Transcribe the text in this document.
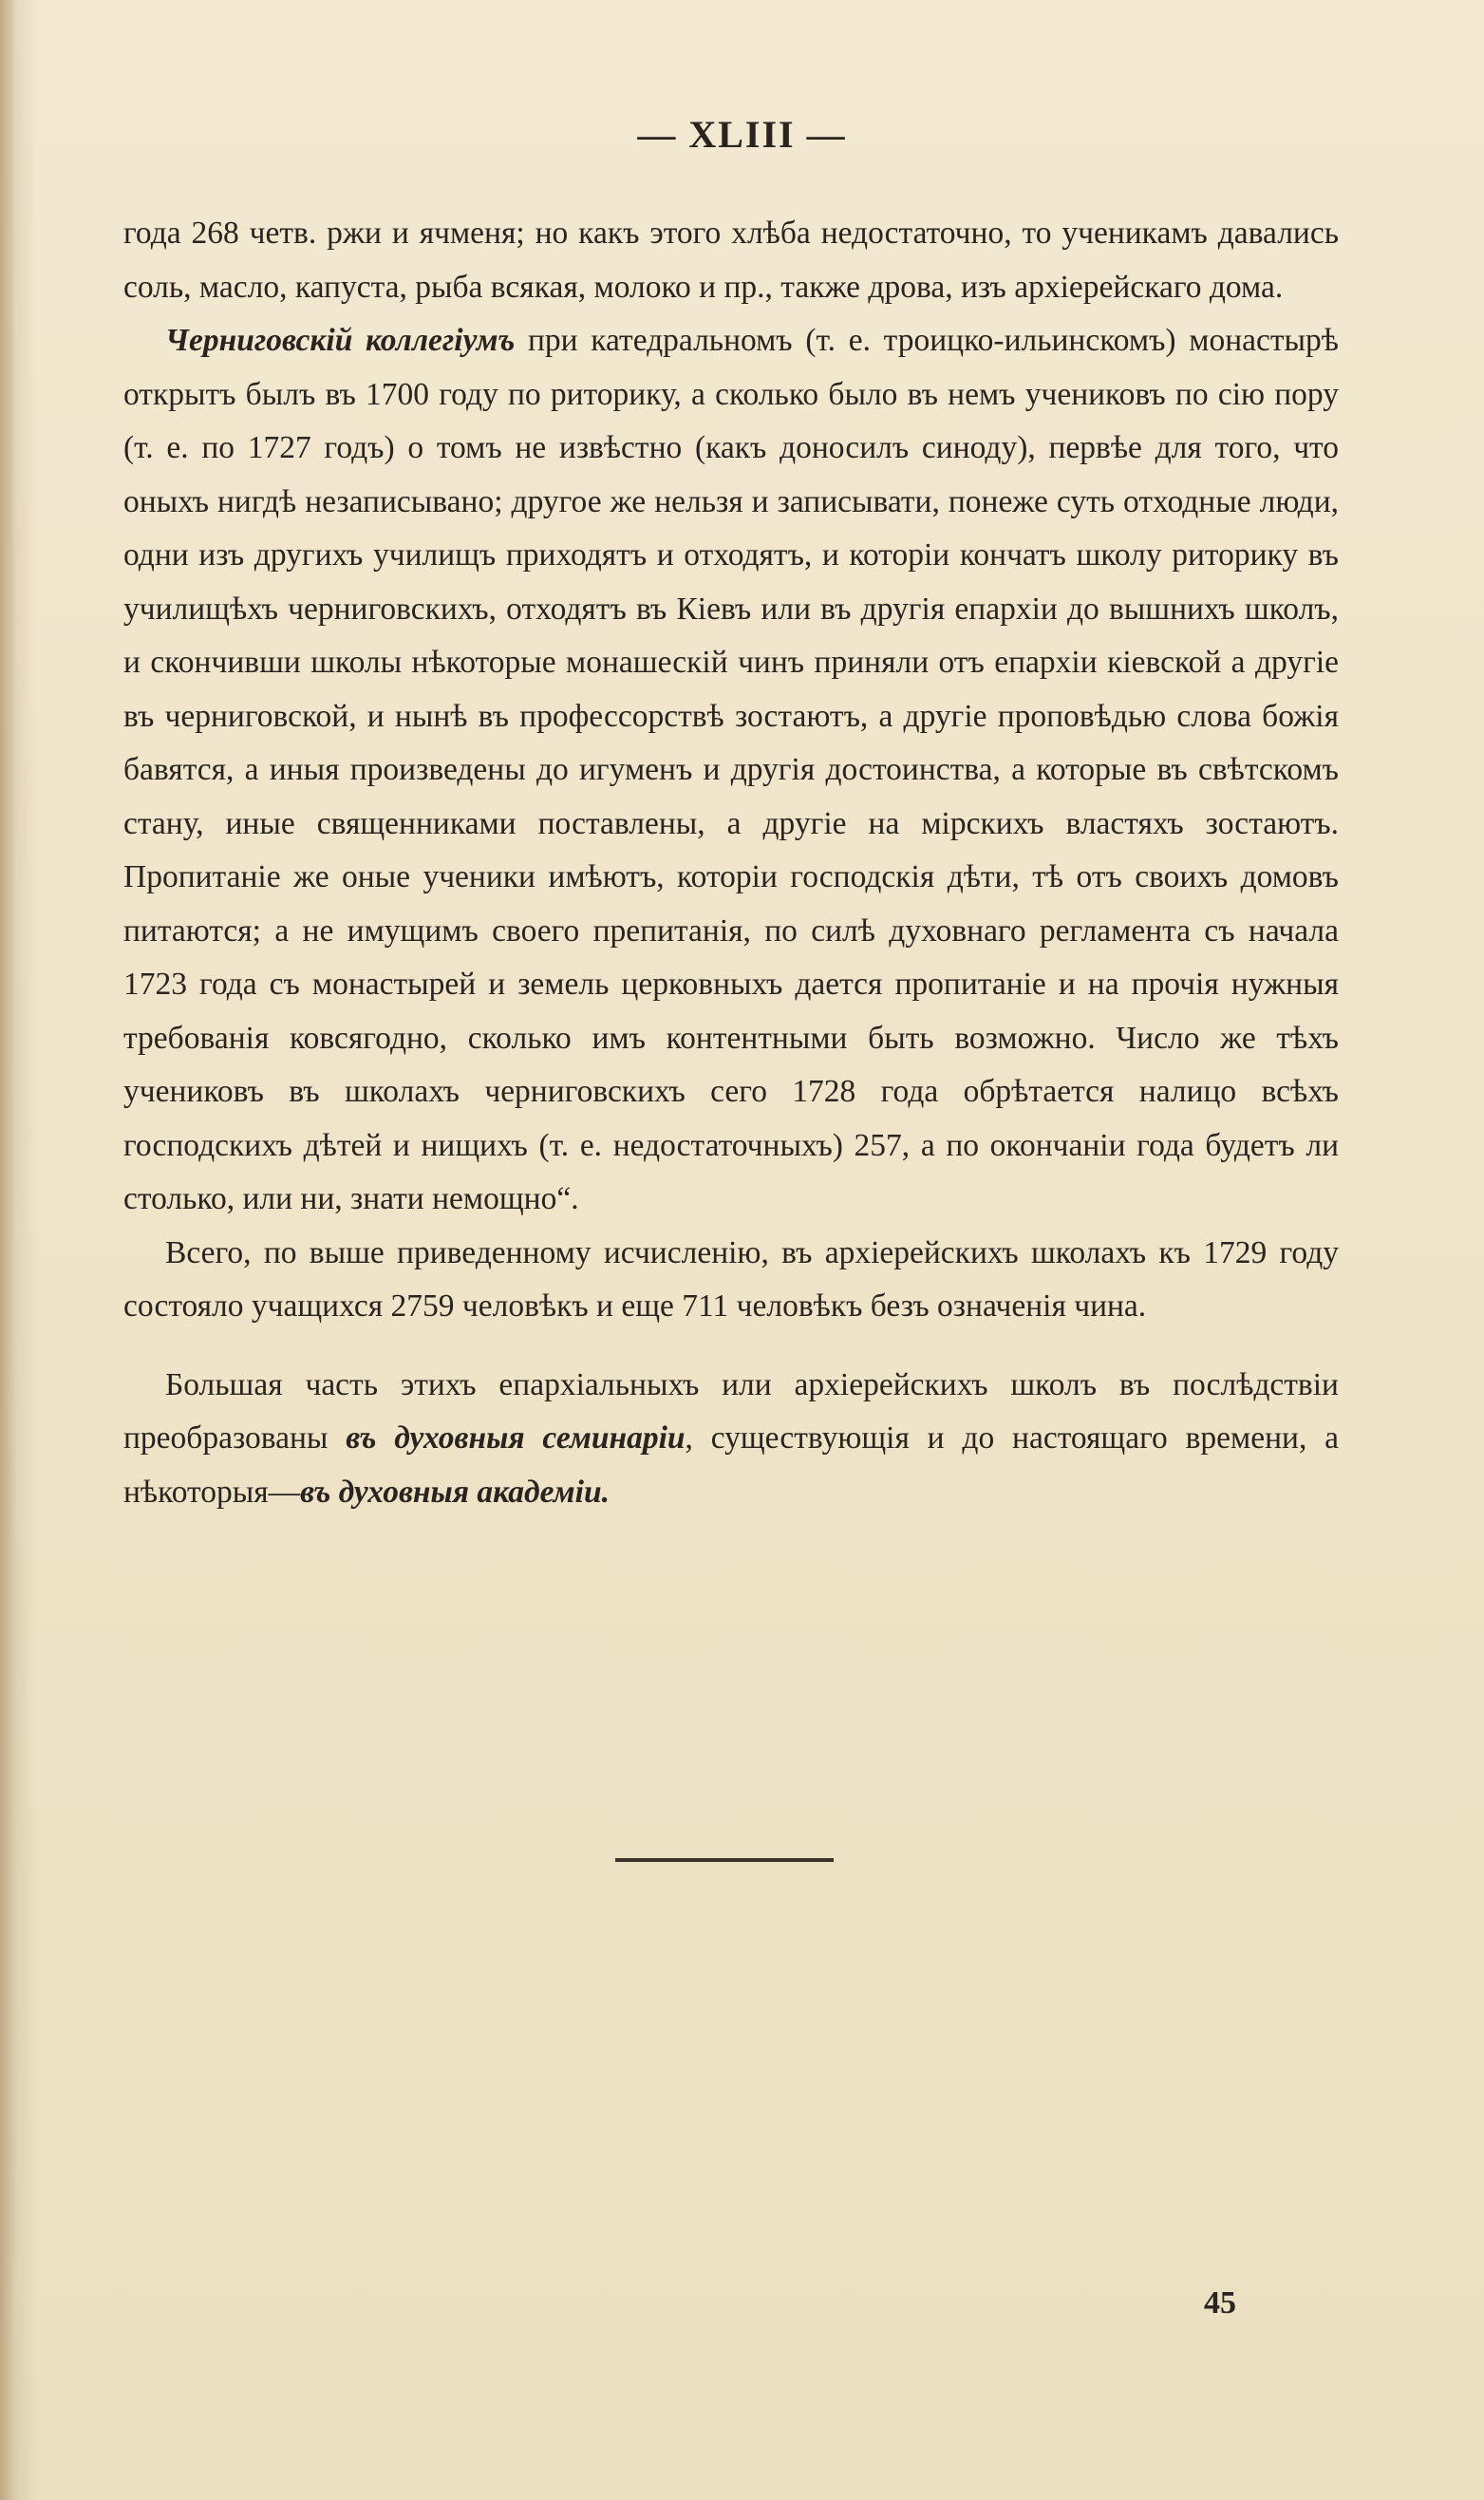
— XLIII —

года 268 четв. ржи и ячменя; но какъ этого хлѣба недостаточно, то ученикамъ давались соль, масло, капуста, рыба всякая, молоко и пр., также дрова, изъ архіерейскаго дома.

Черниговскій коллегіумъ при катедральномъ (т. е. троицко-ильинскомъ) монастырѣ открытъ былъ въ 1700 году по риторику, а сколько было въ немъ учениковъ по сію пору (т. е. по 1727 годъ) о томъ не извѣстно (какъ доносилъ синоду), первѣе для того, что оныхъ нигдѣ незаписывано; другое же нельзя и записывати, понеже суть отходные люди, одни изъ другихъ училищъ приходятъ и отходятъ, и которіи кончатъ школу риторику въ училищѣхъ черниговскихъ, отходятъ въ Кіевъ или въ другія епархіи до вышнихъ школъ, и скончивши школы нѣкоторые монашескій чинъ приняли отъ епархіи кіевской а другіе въ черниговской, и нынѣ въ профессорствѣ зостаютъ, а другіе проповѣдью слова божія бавятся, а иныя произведены до игуменъ и другія достоинства, а которые въ свѣтскомъ стану, иные священниками поставлены, а другіе на мірскихъ властяхъ зостаютъ. Пропитаніе же оные ученики имѣютъ, которіи господскія дѣти, тѣ отъ своихъ домовъ питаются; а не имущимъ своего препитанія, по силѣ духовнаго регламента съ начала 1723 года съ монастырей и земель церковныхъ дается пропитаніе и на прочія нужныя требованія ковсягодно, сколько имъ контентными быть возможно. Число же тѣхъ учениковъ въ школахъ черниговскихъ сего 1728 года обрѣтается налицо всѣхъ господскихъ дѣтей и нищихъ (т. е. недостаточныхъ) 257, а по окончаніи года будетъ ли столько, или ни, знати немощно“.

Всего, по выше приведенному исчисленію, въ архіерейскихъ школахъ къ 1729 году состояло учащихся 2759 человѣкъ и еще 711 человѣкъ безъ означенія чина.

Большая часть этихъ епархіальныхъ или архіерейскихъ школъ въ послѣдствіи преобразованы въ духовныя семинаріи, существующія и до настоящаго времени, а нѣкоторыя—въ духовныя академіи.

45
